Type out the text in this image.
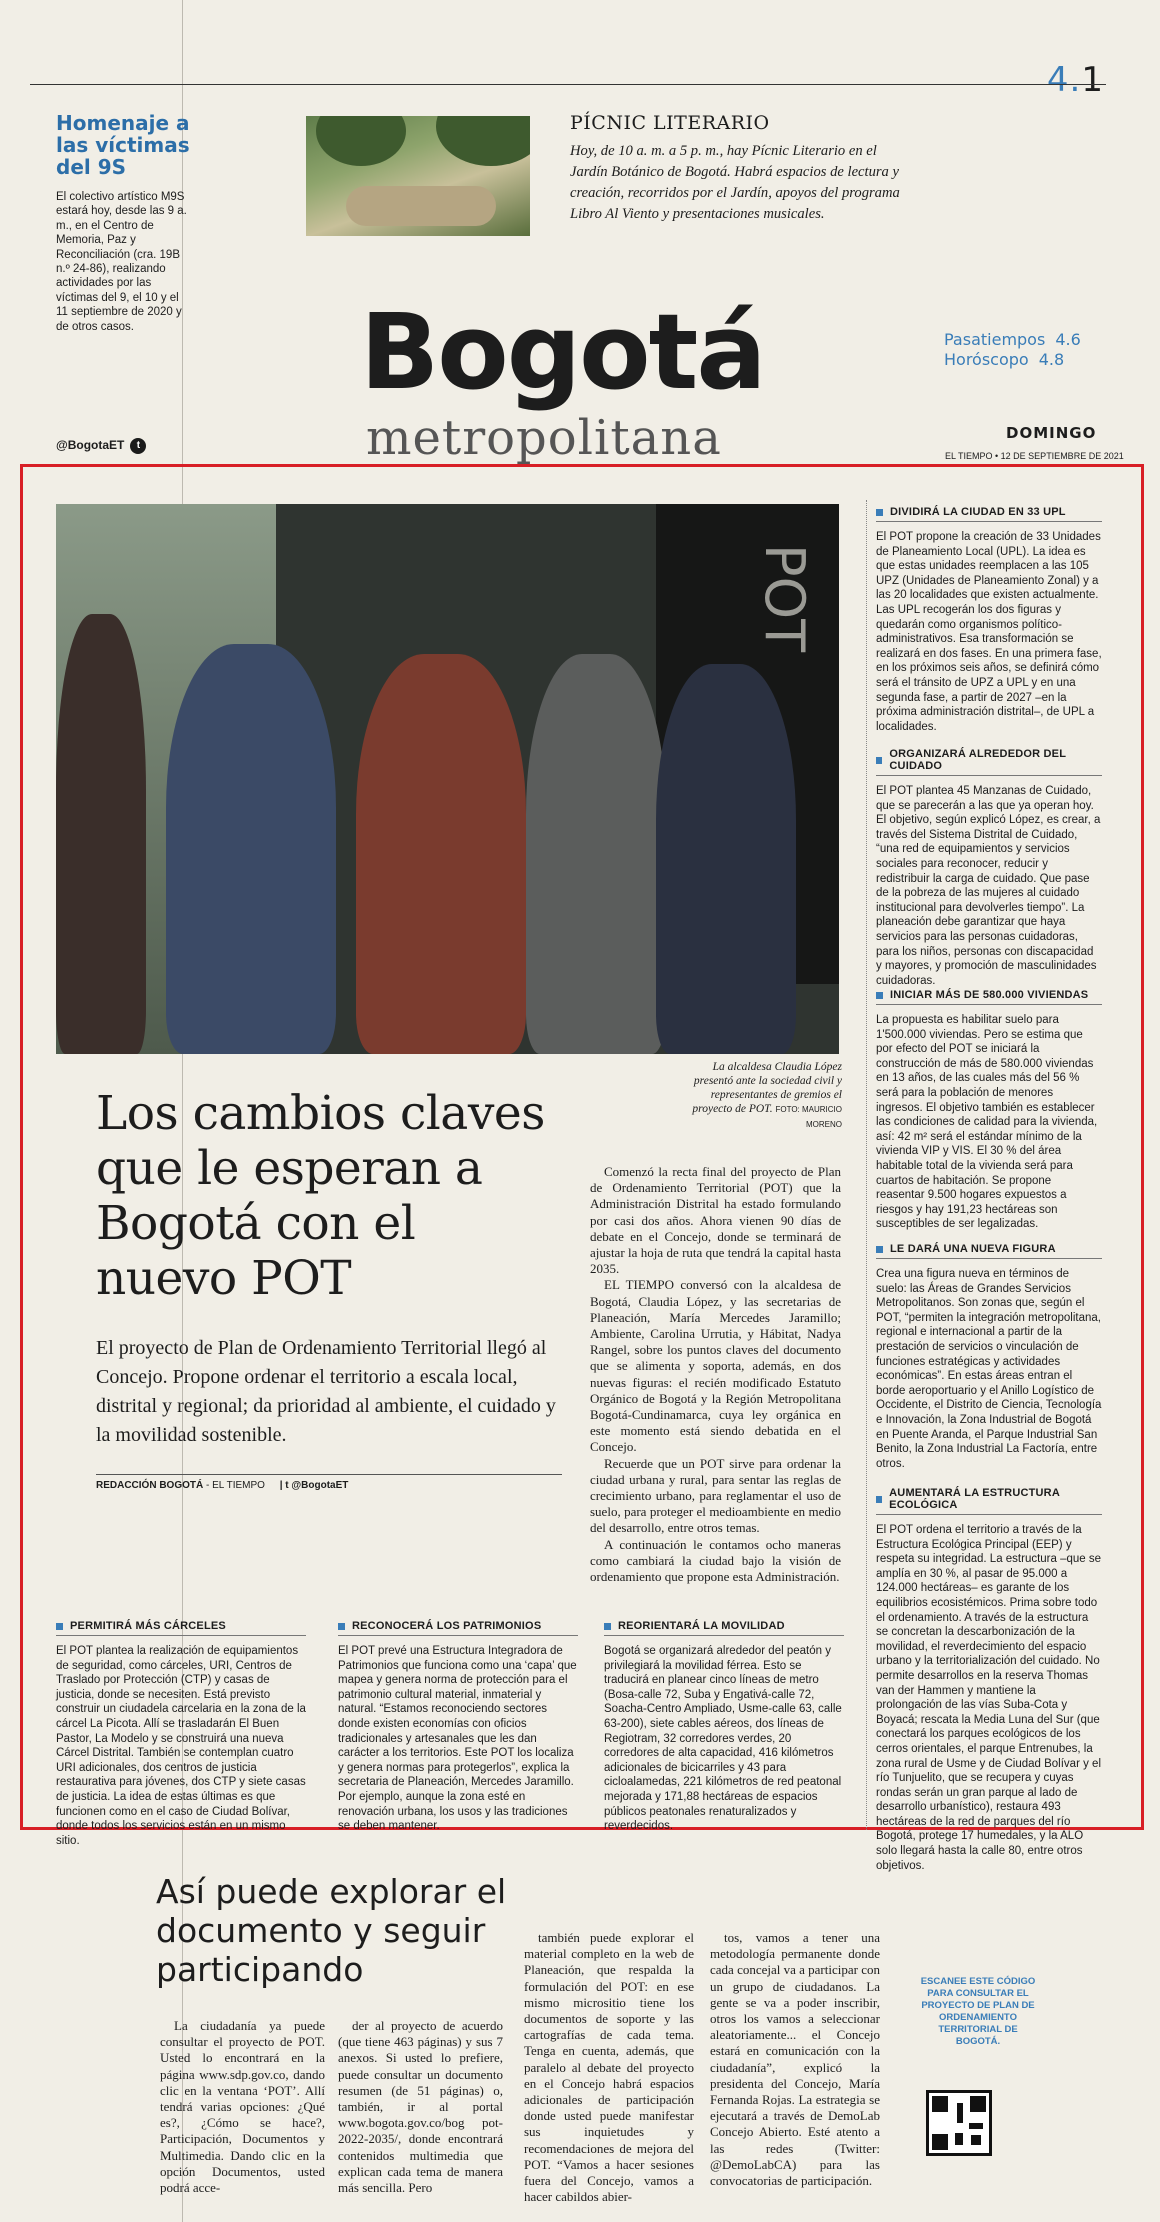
4.1
Homenaje a las víctimas del 9S
El colectivo artístico M9S estará hoy, desde las 9 a. m., en el Centro de Memoria, Paz y Reconciliación (cra. 19B n.º 24-86), realizando actividades por las víctimas del 9, el 10 y el 11 septiembre de 2020 y de otros casos.
PÍCNIC LITERARIO
Hoy, de 10 a. m. a 5 p. m., hay Pícnic Literario en el Jardín Botánico de Bogotá. Habrá espacios de lectura y creación, recorridos por el Jardín, apoyos del programa Libro Al Viento y presentaciones musicales.
Bogotá
metropolitana
Pasatiempos 4.6
Horóscopo 4.8
@BogotaET t
DOMINGO
EL TIEMPO • 12 DE SEPTIEMBRE DE 2021
POT
La alcaldesa Claudia López presentó ante la sociedad civil y representantes de gremios el proyecto de POT. FOTO: MAURICIO MORENO
Los cambios claves que le esperan a Bogotá con el nuevo POT
El proyecto de Plan de Ordenamiento Territorial llegó al Concejo. Propone ordenar el territorio a escala local, distrital y regional; da prioridad al ambiente, el cuidado y la movilidad sostenible.
REDACCIÓN BOGOTÁ - EL TIEMPO | t @BogotaET

Comenzó la recta final del proyecto de Plan de Ordenamiento Territorial (POT) que la Administración Distrital ha estado formulando por casi dos años. Ahora vienen 90 días de debate en el Concejo, donde se terminará de ajustar la hoja de ruta que tendrá la capital hasta 2035.

EL TIEMPO conversó con la alcaldesa de Bogotá, Claudia López, y las secretarias de Planeación, María Mercedes Jaramillo; Ambiente, Carolina Urrutia, y Hábitat, Nadya Rangel, sobre los puntos claves del documento que se alimenta y soporta, además, en dos nuevas figuras: el recién modificado Estatuto Orgánico de Bogotá y la Región Metropolitana Bogotá-Cundinamarca, cuya ley orgánica en este momento está siendo debatida en el Concejo.

Recuerde que un POT sirve para ordenar la ciudad urbana y rural, para sentar las reglas de crecimiento urbano, para reglamentar el uso de suelo, para proteger el medioambiente en medio del desarrollo, entre otros temas.

A continuación le contamos ocho maneras como cambiará la ciudad bajo la visión de ordenamiento que propone esta Administración.

DIVIDIRÁ LA CIUDAD EN 33 UPL
El POT propone la creación de 33 Unidades de Planeamiento Local (UPL). La idea es que estas unidades reemplacen a las 105 UPZ (Unidades de Planeamiento Zonal) y a las 20 localidades que existen actualmente. Las UPL recogerán los dos figuras y quedarán como organismos político-administrativos. Esa transformación se realizará en dos fases. En una primera fase, en los próximos seis años, se definirá cómo será el tránsito de UPZ a UPL y en una segunda fase, a partir de 2027 –en la próxima administración distrital–, de UPL a localidades.
ORGANIZARÁ ALREDEDOR DEL CUIDADO
El POT plantea 45 Manzanas de Cuidado, que se parecerán a las que ya operan hoy. El objetivo, según explicó López, es crear, a través del Sistema Distrital de Cuidado, “una red de equipamientos y servicios sociales para reconocer, reducir y redistribuir la carga de cuidado. Que pase de la pobreza de las mujeres al cuidado institucional para devolverles tiempo”. La planeación debe garantizar que haya servicios para las personas cuidadoras, para los niños, personas con discapacidad y mayores, y promoción de masculinidades cuidadoras.
INICIAR MÁS DE 580.000 VIVIENDAS
La propuesta es habilitar suelo para 1'500.000 viviendas. Pero se estima que por efecto del POT se iniciará la construcción de más de 580.000 viviendas en 13 años, de las cuales más del 56 % será para la población de menores ingresos. El objetivo también es establecer las condiciones de calidad para la vivienda, así: 42 m² será el estándar mínimo de la vivienda VIP y VIS. El 30 % del área habitable total de la vivienda será para cuartos de habitación. Se propone reasentar 9.500 hogares expuestos a riesgos y hay 191,23 hectáreas son susceptibles de ser legalizadas.
LE DARÁ UNA NUEVA FIGURA
Crea una figura nueva en términos de suelo: las Áreas de Grandes Servicios Metropolitanos. Son zonas que, según el POT, “permiten la integración metropolitana, regional e internacional a partir de la prestación de servicios o vinculación de funciones estratégicas y actividades económicas”. En estas áreas entran el borde aeroportuario y el Anillo Logístico de Occidente, el Distrito de Ciencia, Tecnología e Innovación, la Zona Industrial de Bogotá en Puente Aranda, el Parque Industrial San Benito, la Zona Industrial La Factoría, entre otros.
AUMENTARÁ LA ESTRUCTURA ECOLÓGICA
El POT ordena el territorio a través de la Estructura Ecológica Principal (EEP) y respeta su integridad. La estructura –que se amplía en 30 %, al pasar de 95.000 a 124.000 hectáreas– es garante de los equilibrios ecosistémicos. Prima sobre todo el ordenamiento. A través de la estructura se concretan la descarbonización de la movilidad, el reverdecimiento del espacio urbano y la territorialización del cuidado. No permite desarrollos en la reserva Thomas van der Hammen y mantiene la prolongación de las vías Suba-Cota y Boyacá; rescata la Media Luna del Sur (que conectará los parques ecológicos de los cerros orientales, el parque Entrenubes, la zona rural de Usme y de Ciudad Bolívar y el río Tunjuelito, que se recupera y cuyas rondas serán un gran parque al lado de desarrollo urbanístico), restaura 493 hectáreas de la red de parques del río Bogotá, protege 17 humedales, y la ALO solo llegará hasta la calle 80, entre otros objetivos.
PERMITIRÁ MÁS CÁRCELES
El POT plantea la realización de equipamientos de seguridad, como cárceles, URI, Centros de Traslado por Protección (CTP) y casas de justicia, donde se necesiten. Está previsto construir un ciudadela carcelaria en la zona de la cárcel La Picota. Allí se trasladarán El Buen Pastor, La Modelo y se construirá una nueva Cárcel Distrital. También se contemplan cuatro URI adicionales, dos centros de justicia restaurativa para jóvenes, dos CTP y siete casas de justicia. La idea de estas últimas es que funcionen como en el caso de Ciudad Bolívar, donde todos los servicios están en un mismo sitio.
RECONOCERÁ LOS PATRIMONIOS
El POT prevé una Estructura Integradora de Patrimonios que funciona como una ‘capa’ que mapea y genera norma de protección para el patrimonio cultural material, inmaterial y natural. “Estamos reconociendo sectores donde existen economías con oficios tradicionales y artesanales que les dan carácter a los territorios. Este POT los localiza y genera normas para protegerlos”, explica la secretaria de Planeación, Mercedes Jaramillo. Por ejemplo, aunque la zona esté en renovación urbana, los usos y las tradiciones se deben mantener.
REORIENTARÁ LA MOVILIDAD
Bogotá se organizará alrededor del peatón y privilegiará la movilidad férrea. Esto se traducirá en planear cinco líneas de metro (Bosa-calle 72, Suba y Engativá-calle 72, Soacha-Centro Ampliado, Usme-calle 63, calle 63-200), siete cables aéreos, dos líneas de Regiotram, 32 corredores verdes, 20 corredores de alta capacidad, 416 kilómetros adicionales de bicicarriles y 43 para cicloalamedas, 221 kilómetros de red peatonal mejorada y 171,88 hectáreas de espacios públicos peatonales renaturalizados y reverdecidos.
Así puede explorar el documento y seguir participando

La ciudadanía ya puede consultar el proyecto de POT. Usted lo encontrará en la página www.sdp.gov.co, dando clic en la ventana ‘POT’. Allí tendrá varias opciones: ¿Qué es?, ¿Cómo se hace?, Participación, Documentos y Multimedia. Dando clic en la opción Documentos, usted podrá acce-

der al proyecto de acuerdo (que tiene 463 páginas) y sus 7 anexos. Si usted lo prefiere, puede consultar un documento resumen (de 51 páginas) o, también, ir al portal www.bogota.gov.co/bog pot-2022-2035/, donde encontrará contenidos multimedia que explican cada tema de manera más sencilla. Pero

también puede explorar el material completo en la web de Planeación, que respalda la formulación del POT: en ese mismo micrositio tiene los documentos de soporte y las cartografías de cada tema. Tenga en cuenta, además, que paralelo al debate del proyecto en el Concejo habrá espacios adicionales de participación donde usted puede manifestar sus inquietudes y recomendaciones de mejora del POT. “Vamos a hacer sesiones fuera del Concejo, vamos a hacer cabildos abier-

tos, vamos a tener una metodología permanente donde cada concejal va a participar con un grupo de ciudadanos. La gente se va a poder inscribir, otros los vamos a seleccionar aleatoriamente... el Concejo estará en comunicación con la ciudadanía”, explicó la presidenta del Concejo, María Fernanda Rojas. La estrategia se ejecutará a través de DemoLab Concejo Abierto. Esté atento a las redes (Twitter: @DemoLabCA) para las convocatorias de participación.

ESCANEE ESTE CÓDIGO PARA CONSULTAR EL PROYECTO DE PLAN DE ORDENAMIENTO TERRITORIAL DE BOGOTÁ.
